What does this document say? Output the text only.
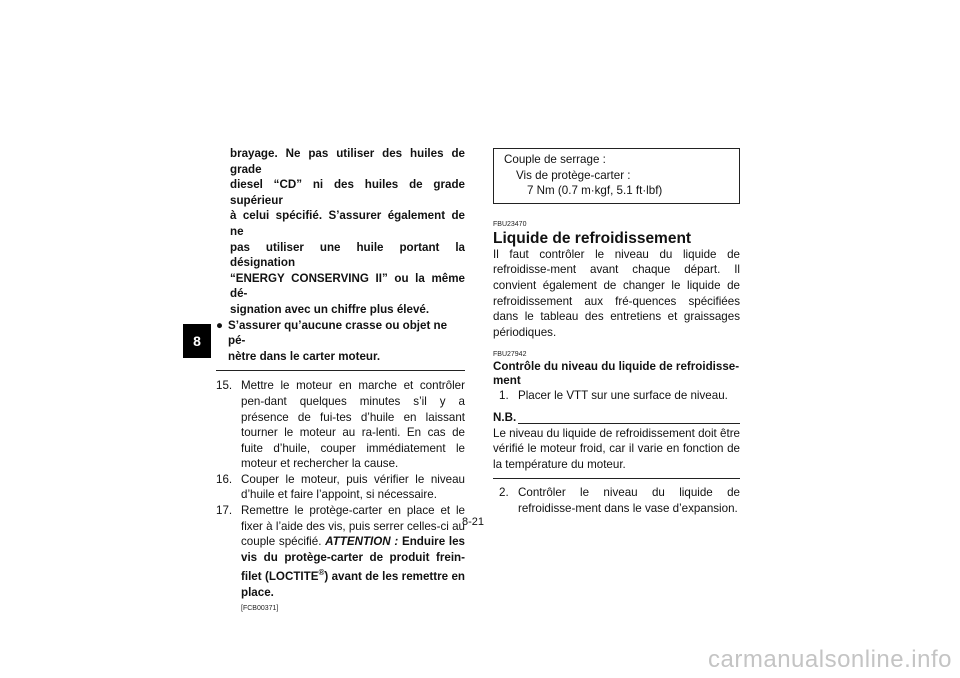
8
brayage. Ne pas utiliser des huiles de grade
diesel “CD” ni des huiles de grade supérieur
à celui spécifié. S’assurer également de ne
pas utiliser une huile portant la désignation
“ENERGY CONSERVING II” ou la même dé-
signation avec un chiffre plus élevé.
● S’assurer qu’aucune crasse ou objet ne pé-
nètre dans le carter moteur.
15. Mettre le moteur en marche et contrôler pen-dant quelques minutes s’il y a présence de fui-tes d’huile en laissant tourner le moteur au ra-lenti. En cas de fuite d’huile, couper immédiatement le moteur et rechercher la cause.
16. Couper le moteur, puis vérifier le niveau d’huile et faire l’appoint, si nécessaire.
17. Remettre le protège-carter en place et le fixer à l’aide des vis, puis serrer celles-ci au couple spécifié. ATTENTION : Enduire les vis du protège-carter de produit frein-filet (LOCTITE®) avant de les remettre en place.
[FCB00371]
Couple de serrage :
Vis de protège-carter :
7 Nm (0.7 m·kgf, 5.1 ft·lbf)
FBU23470
Liquide de refroidissement
Il faut contrôler le niveau du liquide de refroidisse-ment avant chaque départ. Il convient également de changer le liquide de refroidissement aux fré-quences spécifiées dans le tableau des entretiens et graissages périodiques.
FBU27942
Contrôle du niveau du liquide de refroidisse-ment
1. Placer le VTT sur une surface de niveau.
N.B.
Le niveau du liquide de refroidissement doit être vérifié le moteur froid, car il varie en fonction de la température du moteur.
2. Contrôler le niveau du liquide de refroidisse-ment dans le vase d’expansion.
8-21
carmanualsonline.info
